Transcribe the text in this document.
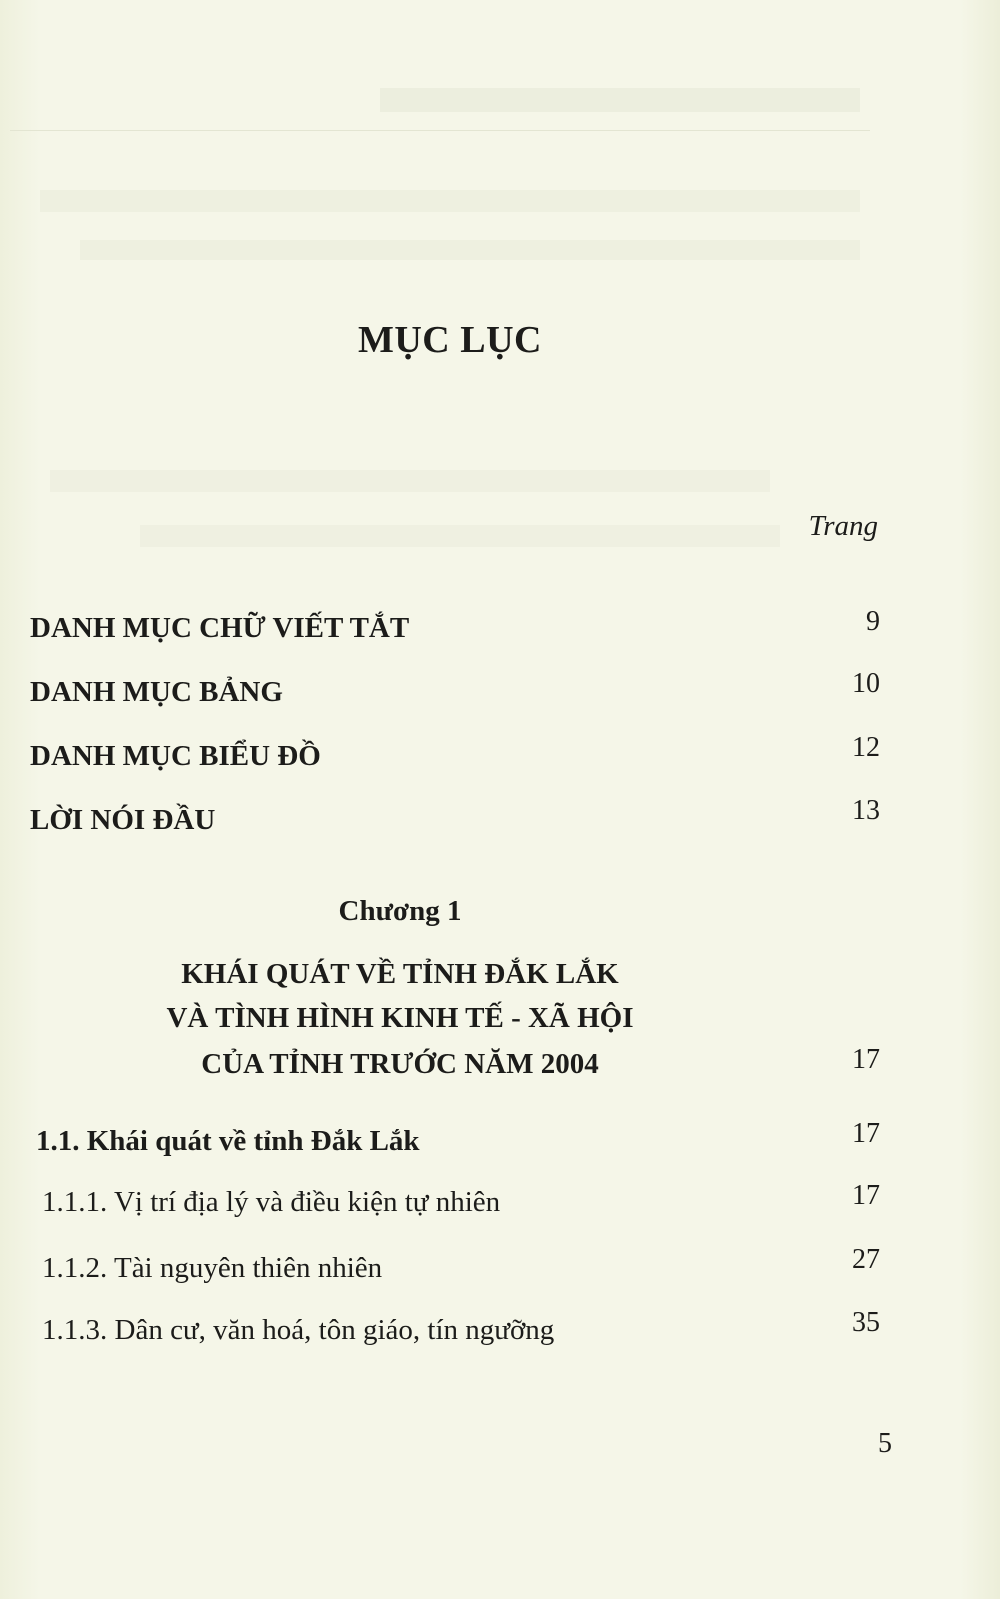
MỤC LỤC
Trang
DANH MỤC CHỮ VIẾT TẮT	9
DANH MỤC BẢNG	10
DANH MỤC BIỂU ĐỒ	12
LỜI NÓI ĐẦU	13
Chương 1
KHÁI QUÁT VỀ TỈNH ĐẮK LẮK
VÀ TÌNH HÌNH KINH TẾ - XÃ HỘI
CỦA TỈNH TRƯỚC NĂM 2004	17
1.1. Khái quát về tỉnh Đắk Lắk	17
1.1.1. Vị trí địa lý và điều kiện tự nhiên	17
1.1.2. Tài nguyên thiên nhiên	27
1.1.3. Dân cư, văn hoá, tôn giáo, tín ngưỡng	35
5
